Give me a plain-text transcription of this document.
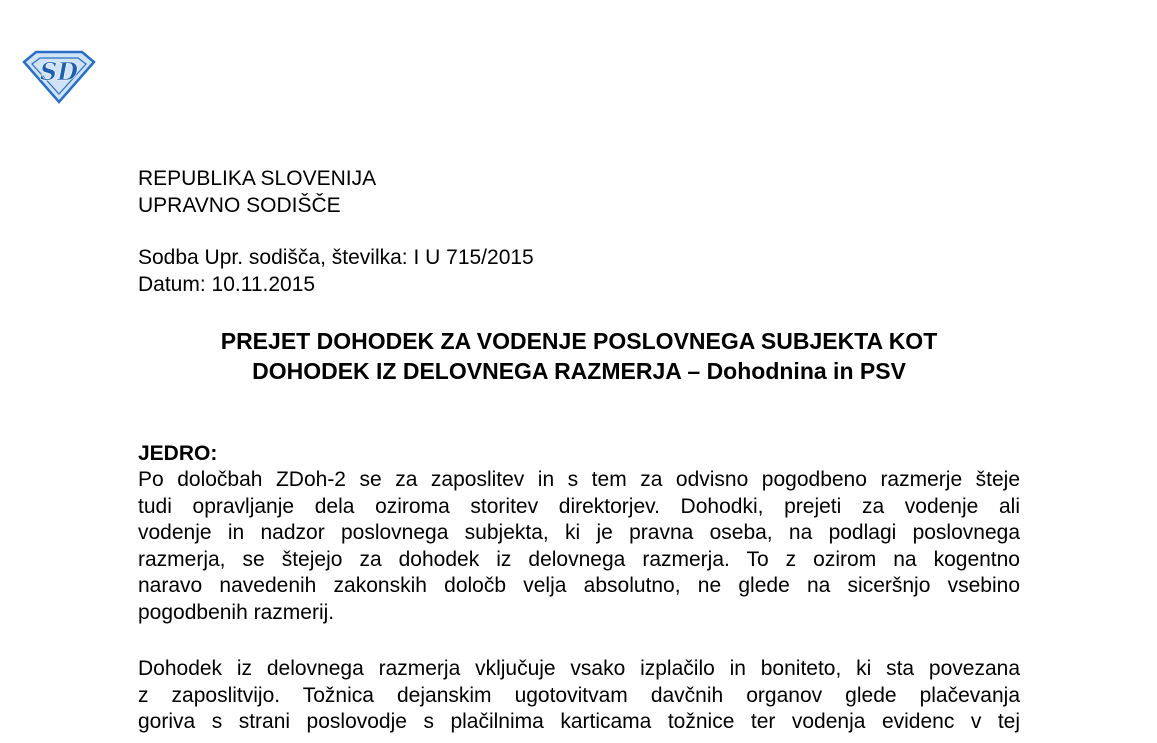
SD

REPUBLIKA SLOVENIJA

UPRAVNO SODIŠČE

Sodba Upr. sodišča, številka: I U 715/2015

Datum: 10.11.2015

PREJET DOHODEK ZA VODENJE POSLOVNEGA SUBJEKTA KOT
DOHODEK IZ DELOVNEGA RAZMERJA – Dohodnina in PSV

JEDRO:

Po določbah ZDoh-2 se za zaposlitev in s tem za odvisno pogodbeno razmerje šteje
tudi opravljanje dela oziroma storitev direktorjev. Dohodki, prejeti za vodenje ali
vodenje in nadzor poslovnega subjekta, ki je pravna oseba, na podlagi poslovnega
razmerja, se štejejo za dohodek iz delovnega razmerja. To z ozirom na kogentno
naravo navedenih zakonskih določb velja absolutno, ne glede na siceršnjo vsebino
pogodbenih razmerij.

Dohodek iz delovnega razmerja vključuje vsako izplačilo in boniteto, ki sta povezana
z zaposlitvijo. Tožnica dejanskim ugotovitvam davčnih organov glede plačevanja
goriva s strani poslovodje s plačilnima karticama tožnice ter vodenja evidenc v tej
